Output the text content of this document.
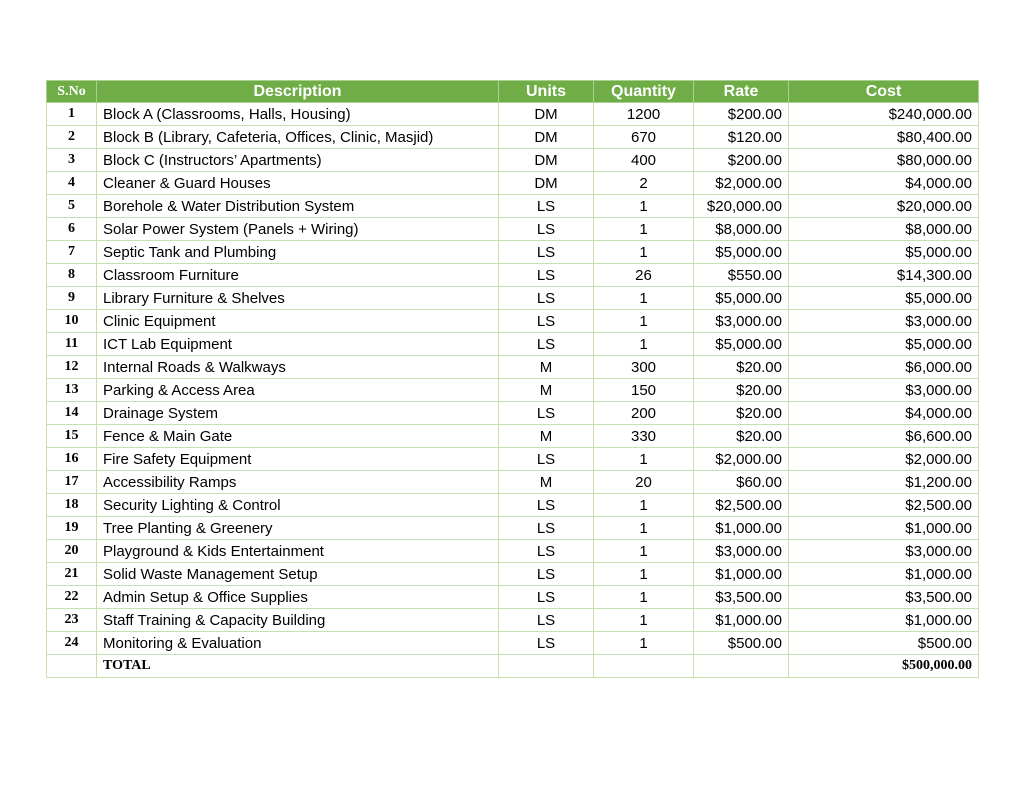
S.No	Description	Units	Quantity	Rate	Cost
1	Block A (Classrooms, Halls, Housing)	DM	1200	$200.00	$240,000.00
2	Block B (Library, Cafeteria, Offices, Clinic, Masjid)	DM	670	$120.00	$80,400.00
3	Block C (Instructors’ Apartments)	DM	400	$200.00	$80,000.00
4	Cleaner & Guard Houses	DM	2	$2,000.00	$4,000.00
5	Borehole & Water Distribution System	LS	1	$20,000.00	$20,000.00
6	Solar Power System (Panels + Wiring)	LS	1	$8,000.00	$8,000.00
7	Septic Tank and Plumbing	LS	1	$5,000.00	$5,000.00
8	Classroom Furniture	LS	26	$550.00	$14,300.00
9	Library Furniture & Shelves	LS	1	$5,000.00	$5,000.00
10	Clinic Equipment	LS	1	$3,000.00	$3,000.00
11	ICT Lab Equipment	LS	1	$5,000.00	$5,000.00
12	Internal Roads & Walkways	M	300	$20.00	$6,000.00
13	Parking & Access Area	M	150	$20.00	$3,000.00
14	Drainage System	LS	200	$20.00	$4,000.00
15	Fence & Main Gate	M	330	$20.00	$6,600.00
16	Fire Safety Equipment	LS	1	$2,000.00	$2,000.00
17	Accessibility Ramps	M	20	$60.00	$1,200.00
18	Security Lighting & Control	LS	1	$2,500.00	$2,500.00
19	Tree Planting & Greenery	LS	1	$1,000.00	$1,000.00
20	Playground & Kids Entertainment	LS	1	$3,000.00	$3,000.00
21	Solid Waste Management Setup	LS	1	$1,000.00	$1,000.00
22	Admin Setup & Office Supplies	LS	1	$3,500.00	$3,500.00
23	Staff Training & Capacity Building	LS	1	$1,000.00	$1,000.00
24	Monitoring & Evaluation	LS	1	$500.00	$500.00
	TOTAL				$500,000.00
